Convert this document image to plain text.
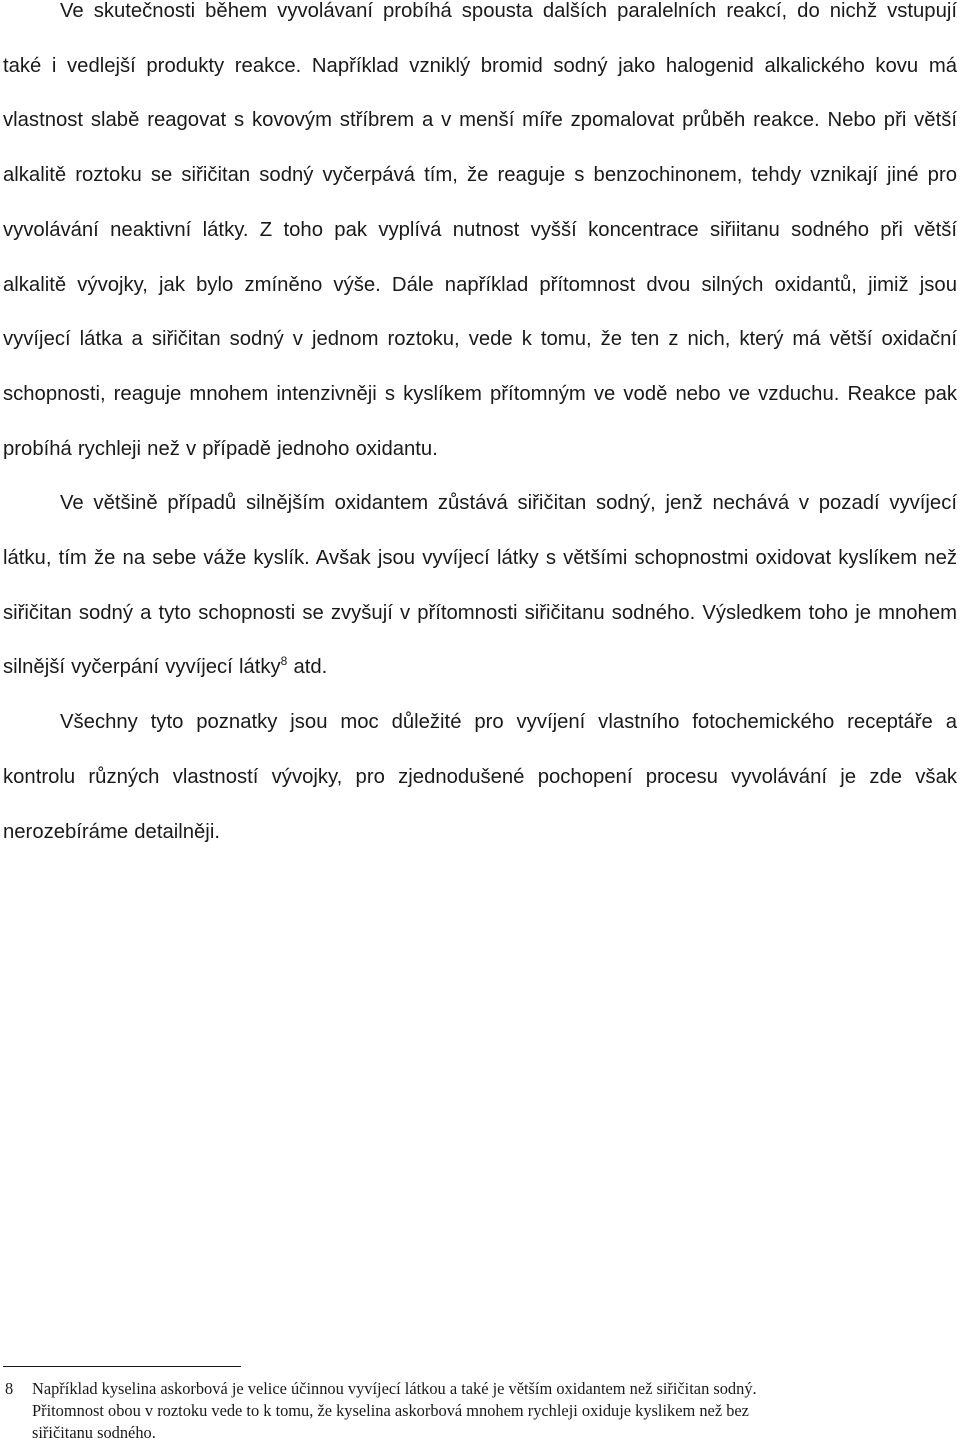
Ve skutečnosti během vyvolávaní probíhá spousta dalších paralelních reakcí, do nichž vstupují také i vedlejší produkty reakce. Například vzniklý bromid sodný jako halogenid alkalického kovu má vlastnost slabě reagovat s kovovým stříbrem a v menší míře zpomalovat průběh reakce. Nebo při větší alkalitě roztoku se siřičitan sodný vyčerpává tím, že reaguje s benzochinonem, tehdy vznikají jiné pro vyvolávání neaktivní látky. Z toho pak vyplívá nutnost vyšší koncentrace siřiitanu sodného při větší alkalitě vývojky, jak bylo zmíněno výše. Dále například přítomnost dvou silných oxidantů, jimiž jsou vyvíjecí látka a siřičitan sodný v jednom roztoku, vede k tomu, že ten z nich, který má větší oxidační schopnosti, reaguje mnohem intenzivněji s kyslíkem přítomným ve vodě nebo ve vzduchu. Reakce pak probíhá rychleji než v případě jednoho oxidantu.

Ve většině případů silnějším oxidantem zůstává siřičitan sodný, jenž nechává v pozadí vyvíjecí látku, tím že na sebe váže kyslík. Avšak jsou vyvíjecí látky s většími schopnostmi oxidovat kyslíkem než siřičitan sodný a tyto schopnosti se zvyšují v přítomnosti siřičitanu sodného. Výsledkem toho je mnohem silnější vyčerpání vyvíjecí látky$^8$ atd.

Všechny tyto poznatky jsou moc důležité pro vyvíjení vlastního fotochemického receptáře a kontrolu různých vlastností vývojky, pro zjednodušené pochopení procesu vyvolávání je zde však nerozebíráme detailněji.

8	Například kyselina askorbová je velice účinnou vyvíjecí látkou a také je větším oxidantem než siřičitan sodný.
Přitomnost obou v roztoku vede to k tomu, že kyselina askorbová mnohem rychleji oxiduje kyslikem než bez
siřičitanu sodného.
